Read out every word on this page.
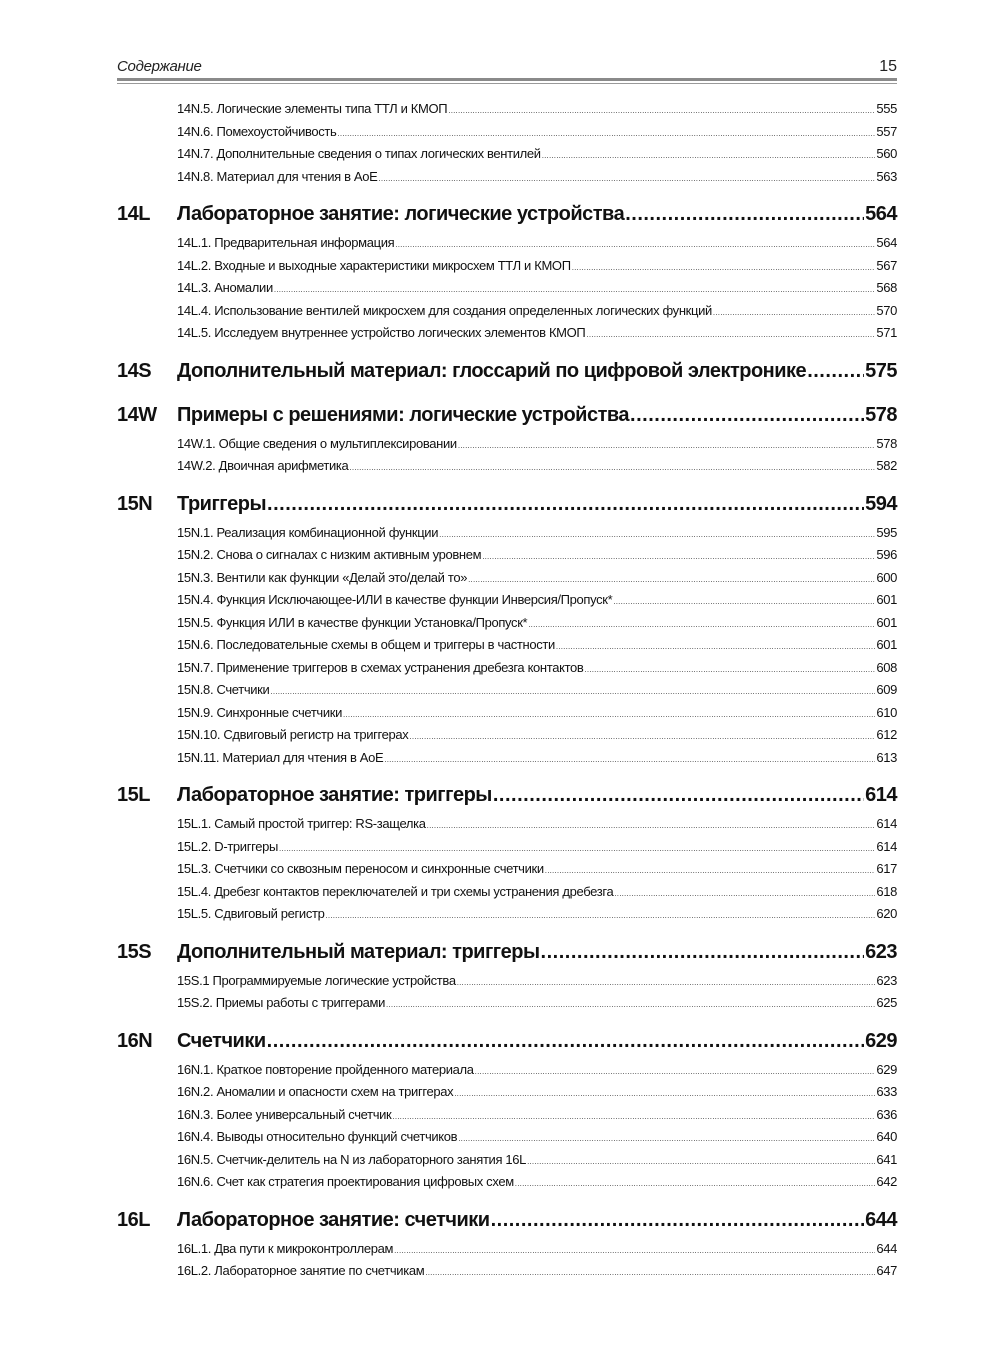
Содержание	15
14N.5. Логические элементы типа ТТЛ и КМОП .....	555
14N.6. Помехоустойчивость .....	557
14N.7. Дополнительные сведения о типах логических вентилей .....	560
14N.8. Материал для чтения в AoE .....	563
14L	Лабораторное занятие: логические устройства .....	564
14L.1. Предварительная информация .....	564
14L.2. Входные и выходные характеристики микросхем ТТЛ и КМОП .....	567
14L.3. Аномалии .....	568
14L.4. Использование вентилей микросхем для создания определенных логических функций .....	570
14L.5. Исследуем внутреннее устройство логических элементов КМОП .....	571
14S	Дополнительный материал: глоссарий по цифровой электронике .....	575
14W	Примеры с решениями: логические устройства .....	578
14W.1. Общие сведения о мультиплексировании .....	578
14W.2. Двоичная арифметика .....	582
15N	Триггеры .....	594
15N.1. Реализация комбинационной функции .....	595
15N.2. Снова о сигналах с низким активным уровнем .....	596
15N.3. Вентили как функции «Делай это/делай то» .....	600
15N.4. Функция Исключающее-ИЛИ в качестве функции Инверсия/Пропуск* .....	601
15N.5. Функция ИЛИ в качестве функции Установка/Пропуск* .....	601
15N.6. Последовательные схемы в общем и триггеры в частности .....	601
15N.7. Применение триггеров в схемах устранения дребезга контактов .....	608
15N.8. Счетчики .....	609
15N.9. Синхронные счетчики .....	610
15N.10. Сдвиговый регистр на триггерах .....	612
15N.11. Материал для чтения в AoE .....	613
15L	Лабораторное занятие: триггеры .....	614
15L.1. Самый простой триггер: RS-защелка .....	614
15L.2. D-триггеры .....	614
15L.3. Счетчики со сквозным переносом и синхронные счетчики .....	617
15L.4. Дребезг контактов переключателей и три схемы устранения дребезга .....	618
15L.5. Сдвиговый регистр .....	620
15S	Дополнительный материал: триггеры .....	623
15S.1 Программируемые логические устройства .....	623
15S.2. Приемы работы с триггерами .....	625
16N	Счетчики .....	629
16N.1. Краткое повторение пройденного материала .....	629
16N.2. Аномалии и опасности схем на триггерах .....	633
16N.3. Более универсальный счетчик .....	636
16N.4. Выводы относительно функций счетчиков .....	640
16N.5. Счетчик-делитель на N из лабораторного занятия 16L .....	641
16N.6. Счет как стратегия проектирования цифровых схем .....	642
16L	Лабораторное занятие: счетчики .....	644
16L.1. Два пути к микроконтроллерам .....	644
16L.2. Лабораторное занятие по счетчикам .....	647
